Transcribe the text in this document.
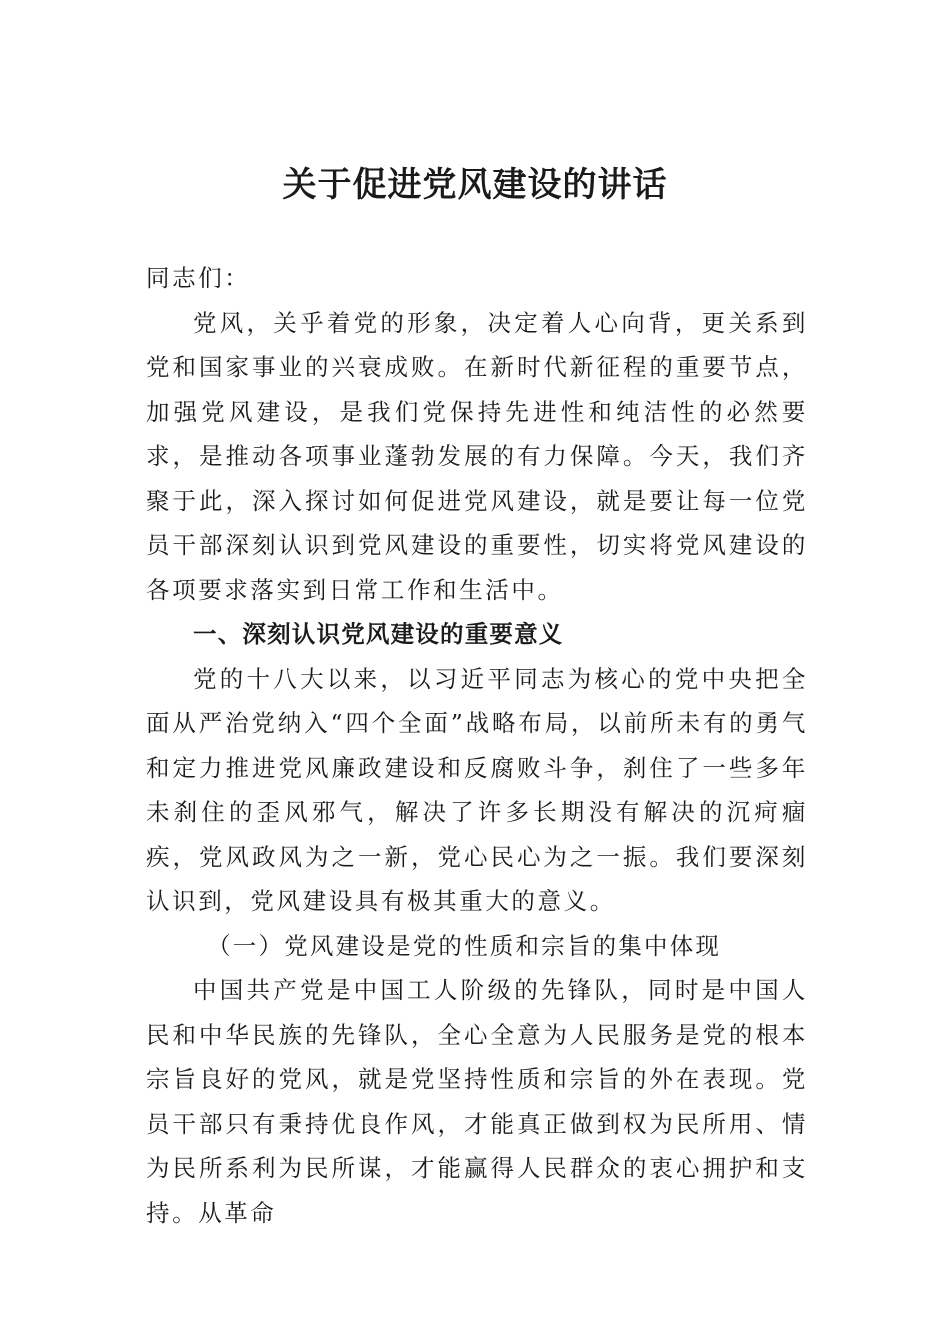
关于促进党风建设的讲话

同志们：

党风，关乎着党的形象，决定着人心向背，更关系到党和国家事业的兴衰成败。在新时代新征程的重要节点，加强党风建设，是我们党保持先进性和纯洁性的必然要求，是推动各项事业蓬勃发展的有力保障。今天，我们齐聚于此，深入探讨如何促进党风建设，就是要让每一位党员干部深刻认识到党风建设的重要性，切实将党风建设的各项要求落实到日常工作和生活中。

一、深刻认识党风建设的重要意义

党的十八大以来，以习近平同志为核心的党中央把全面从严治党纳入“四个全面”战略布局，以前所未有的勇气和定力推进党风廉政建设和反腐败斗争，刹住了一些多年未刹住的歪风邪气，解决了许多长期没有解决的沉疴痼疾，党风政风为之一新，党心民心为之一振。我们要深刻认识到，党风建设具有极其重大的意义。

（一）党风建设是党的性质和宗旨的集中体现

中国共产党是中国工人阶级的先锋队，同时是中国人民和中华民族的先锋队，全心全意为人民服务是党的根本宗旨良好的党风，就是党坚持性质和宗旨的外在表现。党员干部只有秉持优良作风，才能真正做到权为民所用、情为民所系利为民所谋，才能赢得人民群众的衷心拥护和支持。从革命
